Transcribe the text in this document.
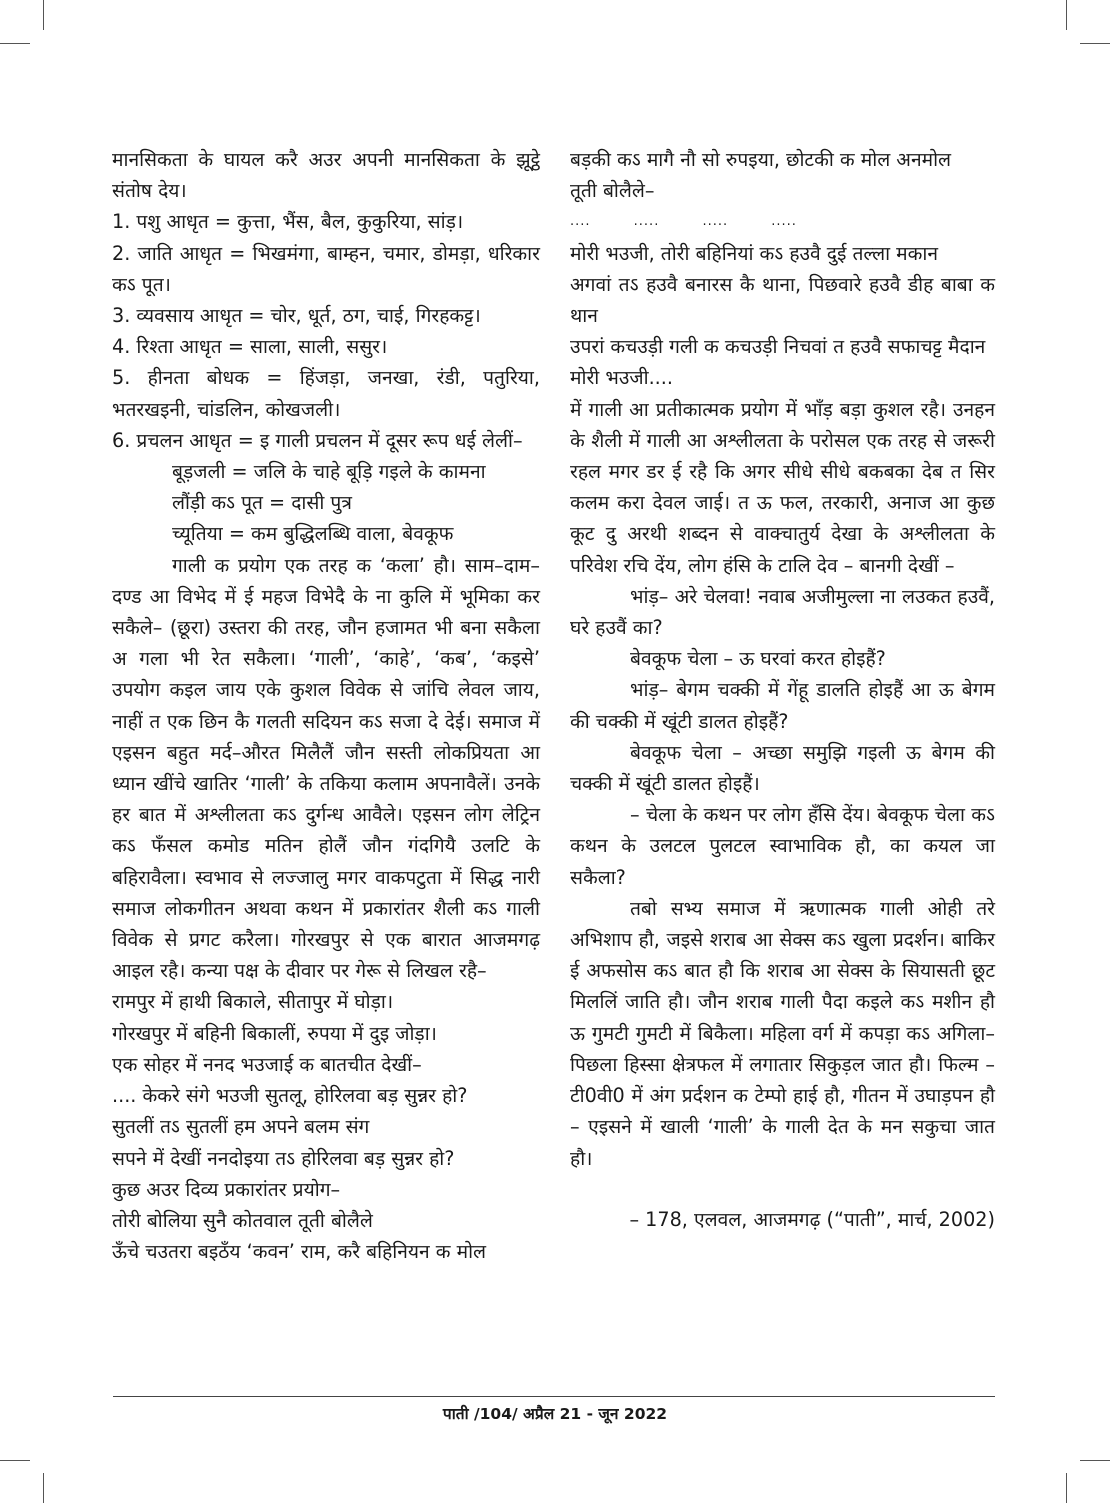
मानसिकता के घायल करै अउर अपनी मानसिकता के झूट्ठे संतोष देय।

1. पशु आधृत = कुत्ता, भैंस, बैल, कुकुरिया, सांड़।

2. जाति आधृत = भिखमंगा, बाम्हन, चमार, डोमड़ा, धरिकार कऽ पूत।

3. व्यवसाय आधृत = चोर, धूर्त, ठग, चाई, गिरहकट्ट।

4. रिश्ता आधृत = साला, साली, ससुर।

5. हीनता बोधक = हिंजड़ा, जनखा, रंडी, पतुरिया, भतरखइनी, चांडलिन, कोखजली।

6. प्रचलन आधृत = इ गाली प्रचलन में दूसर रूप धई लेलीं–

बूड़जली = जलि के चाहे बूड़ि गइले के कामना

लौंड़ी कऽ पूत = दासी पुत्र

च्यूतिया = कम बुद्धिलब्धि वाला, बेवकूफ

गाली क प्रयोग एक तरह क ‘कला’ हौ। साम–दाम–दण्ड आ विभेद में ई महज विभेदै के ना कुलि में भूमिका कर सकैले– (छूरा) उस्तरा की तरह, जौन हजामत भी बना सकैला अ गला भी रेत सकैला। ‘गाली’, ‘काहे’, ‘कब’, ‘कइसे’ उपयोग कइल जाय एके कुशल विवेक से जांचि लेवल जाय, नाहीं त एक छिन कै गलती सदियन कऽ सजा दे देई। समाज में एइसन बहुत मर्द–औरत मिलैलैं जौन सस्ती लोकप्रियता आ ध्यान खींचे खातिर ‘गाली’ के तकिया कलाम अपनावैलें। उनके हर बात में अश्लीलता कऽ दुर्गन्ध आवैले। एइसन लोग लेट्रिन कऽ फँसल कमोड मतिन होलैं जौन गंदगियै उलटि के बहिरावैला। स्वभाव से लज्जालु मगर वाकपटुता में सिद्ध नारी समाज लोकगीतन अथवा कथन में प्रकारांतर शैली कऽ गाली विवेक से प्रगट करैला। गोरखपुर से एक बारात आजमगढ़ आइल रहै। कन्या पक्ष के दीवार पर गेरू से लिखल रहै–

रामपुर में हाथी बिकाले, सीतापुर में घोड़ा।

गोरखपुर में बहिनी बिकालीं, रुपया में दुइ जोड़ा।

एक सोहर में ननद भउजाई क बातचीत देखीं–

.... केकरे संगे भउजी सुतलू, होरिलवा बड़ सुन्नर हो?

सुतलीं तऽ सुतलीं हम अपने बलम संग

सपने में देखीं ननदोइया तऽ होरिलवा बड़ सुन्नर हो?

कुछ अउर दिव्य प्रकारांतर प्रयोग–

तोरी बोलिया सुनै कोतवाल तूती बोलैले

ऊँचे चउतरा बइठँय ‘कवन’ राम, करै बहिनियन क मोल

बड़की कऽ मागै नौ सो रुपइया, छोटकी क मोल अनमोल

तूती बोलैले–

.... ..... ..... .....

मोरी भउजी, तोरी बहिनियां कऽ हउवै दुई तल्ला मकान

अगवां तऽ हउवै बनारस कै थाना, पिछवारे हउवै डीह बाबा क थान

उपरां कचउड़ी गली क कचउड़ी निचवां त हउवै सफाचट्ट मैदान

मोरी भउजी....

में गाली आ प्रतीकात्मक प्रयोग में भाँड़ बड़ा कुशल रहै। उनहन के शैली में गाली आ अश्लीलता के परोसल एक तरह से जरूरी रहल मगर डर ई रहै कि अगर सीधे सीधे बकबका देब त सिर कलम करा देवल जाई। त ऊ फल, तरकारी, अनाज आ कुछ कूट दु अरथी शब्दन से वाक्चातुर्य देखा के अश्लीलता के परिवेश रचि देंय, लोग हंसि के टालि देव – बानगी देखीं –

भांड़– अरे चेलवा! नवाब अजीमुल्ला ना लउकत हउवैं, घरे हउवैं का?

बेवकूफ चेला – ऊ घरवां करत होइहैं?

भांड़– बेगम चक्की में गेंहू डालति होइहैं आ ऊ बेगम की चक्की में खूंटी डालत होइहैं?

बेवकूफ चेला – अच्छा समुझि गइली ऊ बेगम की चक्की में खूंटी डालत होइहैं।

– चेला के कथन पर लोग हँसि देंय। बेवकूफ चेला कऽ कथन के उलटल पुलटल स्वाभाविक हौ, का कयल जा सकैला?

तबो सभ्य समाज में ऋणात्मक गाली ओही तरे अभिशाप हौ, जइसे शराब आ सेक्स कऽ खुला प्रदर्शन। बाकिर ई अफसोस कऽ बात हौ कि शराब आ सेक्स के सियासती छूट मिललिं जाति हौ। जौन शराब गाली पैदा कइले कऽ मशीन हौ ऊ गुमटी गुमटी में बिकैला। महिला वर्ग में कपड़ा कऽ अगिला–पिछला हिस्सा क्षेत्रफल में लगातार सिकुड़ल जात हौ। फिल्म – टी0वी0 में अंग प्रर्दशन क टेम्पो हाई हौ, गीतन में उघाड़पन हौ – एइसने में खाली ‘गाली’ के गाली देत के मन सकुचा जात हौ।

– 178, एलवल, आजमगढ़ (“पाती”, मार्च, 2002)

पाती /104/ अप्रैल 21 - जून 2022
